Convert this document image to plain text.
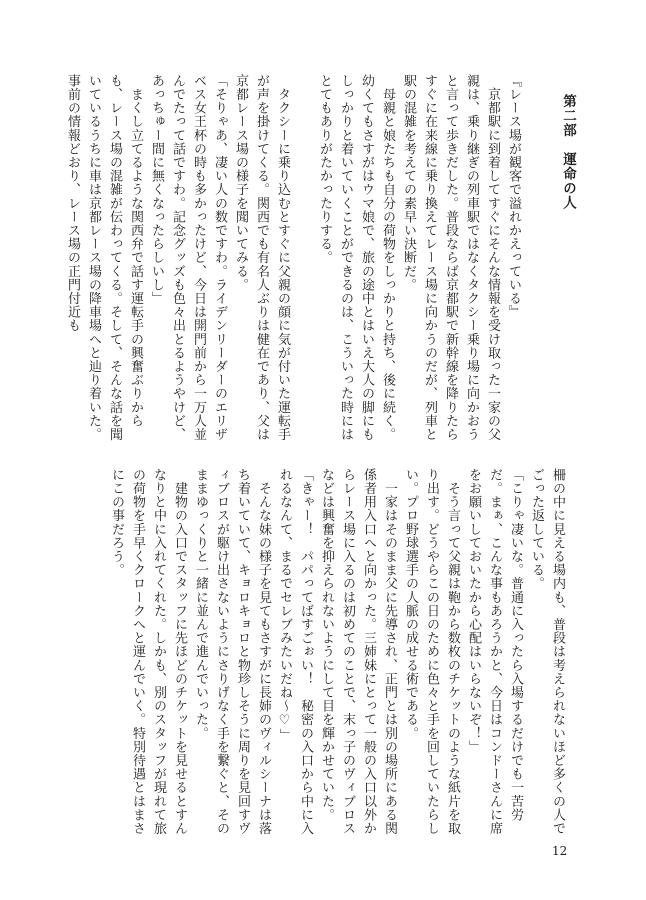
第二部　運命の人

『レース場が観客で溢れかえっている』

　京都駅に到着してすぐにそんな情報を受け取った一家の父親は、乗り継ぎの列車駅ではなくタクシー乗り場に向かおうと言って歩きだした。普段ならば京都駅で新幹線を降りたらすぐに在来線に乗り換えてレース場に向かうのだが、列車と駅の混雑を考えての素早い決断だ。

　母親と娘たちも自分の荷物をしっかりと持ち、後に続く。幼くてもさすがはウマ娘で、旅の途中とはいえ大人の脚にもしっかりと着いていくことができるのは、こういった時にはとてもありがたかったりする。

　タクシーに乗り込むとすぐに父親の顔に気が付いた運転手が声を掛けてくる。関西でも有名人ぶりは健在であり、父は京都レース場の様子を聞いてみる。

「そりゃあ、凄い人の数ですわ。ライデンリーダーのエリザベス女王杯の時も多かったけど、今日は開門前から一万人並んでたって話ですわ。記念グッズも色々出とるようやけど、あっちゅー間に無くなったらしいし」

　まくし立てるような関西弁で話す運転手の興奮ぶりからも、レース場の混雑が伝わってくる。そして、そんな話を聞いているうちに車は京都レース場の降車場へと辿り着いた。事前の情報どおり、レース場の正門付近も

柵の中に見える場内も、普段は考えられないほど多くの人でごった返している。

「こりゃ凄いな。普通に入ったら入場するだけでも一苦労だ。まぁ、こんな事もあろうかと、今日はコンドーさんに席をお願いしておいたから心配はいらないぞ！」

　そう言って父親は鞄から数枚のチケットのような紙片を取り出す。どうやらこの日のために色々と手を回していたらしい。プロ野球選手の人脈の成せる術である。

　一家はそのまま父に先導され、正門とは別の場所にある関係者用入口へと向かった。三姉妹にとって一般の入口以外からレース場に入るのは初めてのことで、末っ子のヴィブロスなどは興奮を抑えられないようにして目を輝かせていた。

「きゃー！　パパってばすごぉい！　秘密の入口から中に入れるなんて、まるでセレブみたいだね～♡」

　そんな妹の様子を見てもさすがに長姉のヴィルシーナは落ち着いていて、キョロキョロと物珍しそうに周りを見回すヴィブロスが駆け出さないようにさりげなく手を繋ぐと、そのままゆっくりと一緒に並んで進んでいった。

　建物の入口でスタッフに先ほどのチケットを見せるとすんなりと中に入れてくれた。しかも、別のスタッフが現れて旅の荷物を手早くクロークへと運んでいく。特別待遇とはまさにこの事だろう。

12
